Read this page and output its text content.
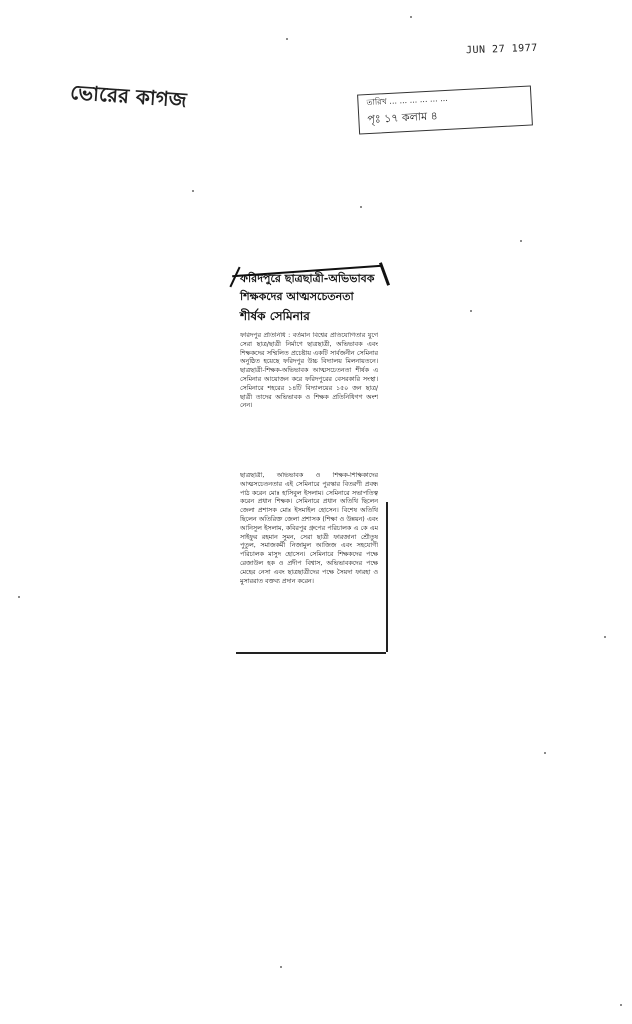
JUN 27 1977
ভোরের কাগজ	তারিখ ... ... ... ... ... ...
পৃঃ ১৭ কলাম ৪
ফরিদপুরে ছাত্রছাত্রী-অভিভাবক
শিক্ষকদের আত্মসচেতনতা
শীর্ষক সেমিনার
ফরিদপুর প্রতিনিধি : বর্তমান বিশ্বের প্রতিযোগিতার যুগে সেরা ছাত্র/ছাত্রী নির্মাণে ছাত্রছাত্রী, অভিভাবক এবং শিক্ষকদের সম্মিলিত প্রচেষ্টায় একটি সার্বজনীন সেমিনার অনুষ্ঠিত হয়েছে ফরিদপুর উচ্চ বিদ্যালয় মিলনায়তনে। ছাত্রছাত্রী-শিক্ষক-অভিভাবক আত্মসচেতনতা শীর্ষক এ সেমিনার আয়োজন করে ফরিদপুরের বেসরকারি সংস্থা। সেমিনারে শহরের ১৪টি বিদ্যালয়ের ১৫০ জন ছাত্র/ছাত্রী তাদের অভিভাবক ও শিক্ষক প্রতিনিধিগণ অংশ নেন।
ছাত্রছাত্রী, অভিভাবক ও শিক্ষক-শিক্ষিকাদের আত্মসচেতনতার এই সেমিনারে পুরস্কার বিতরণী প্রবন্ধ পাঠ করেন মোঃ হাসিবুল ইসলাম। সেমিনারে সভাপতিত্ব করেন প্রধান শিক্ষক। সেমিনারে প্রধান অতিথি ছিলেন জেলা প্রশাসক মোঃ ইসমাইল হোসেন। বিশেষ অতিথি ছিলেন অতিরিক্ত জেলা প্রশাসক (শিক্ষা ও উন্নয়ন) এবং আনিসুল ইসলাম, কবিরপুর গ্রুপের পরিচালক এ কে এম সাইফুর রহমান সুমন, সেরা ছাত্রী ফারজানা শ্রৌতুষ পুতুল, সমাজকর্মী নিজামুল আজিজ এবং সহযোগী পরিচালক মাসুদ হোসেন। সেমিনারে শিক্ষকদের পক্ষে রেজাউল হক ও প্রদীপ বিশ্বাস, অভিভাবকদের পক্ষে মেহের নেসা এবং ছাত্রছাত্রীদের পক্ষে সৈয়দা ফারহা ও মুসাররাত বক্তব্য প্রদান করেন।
